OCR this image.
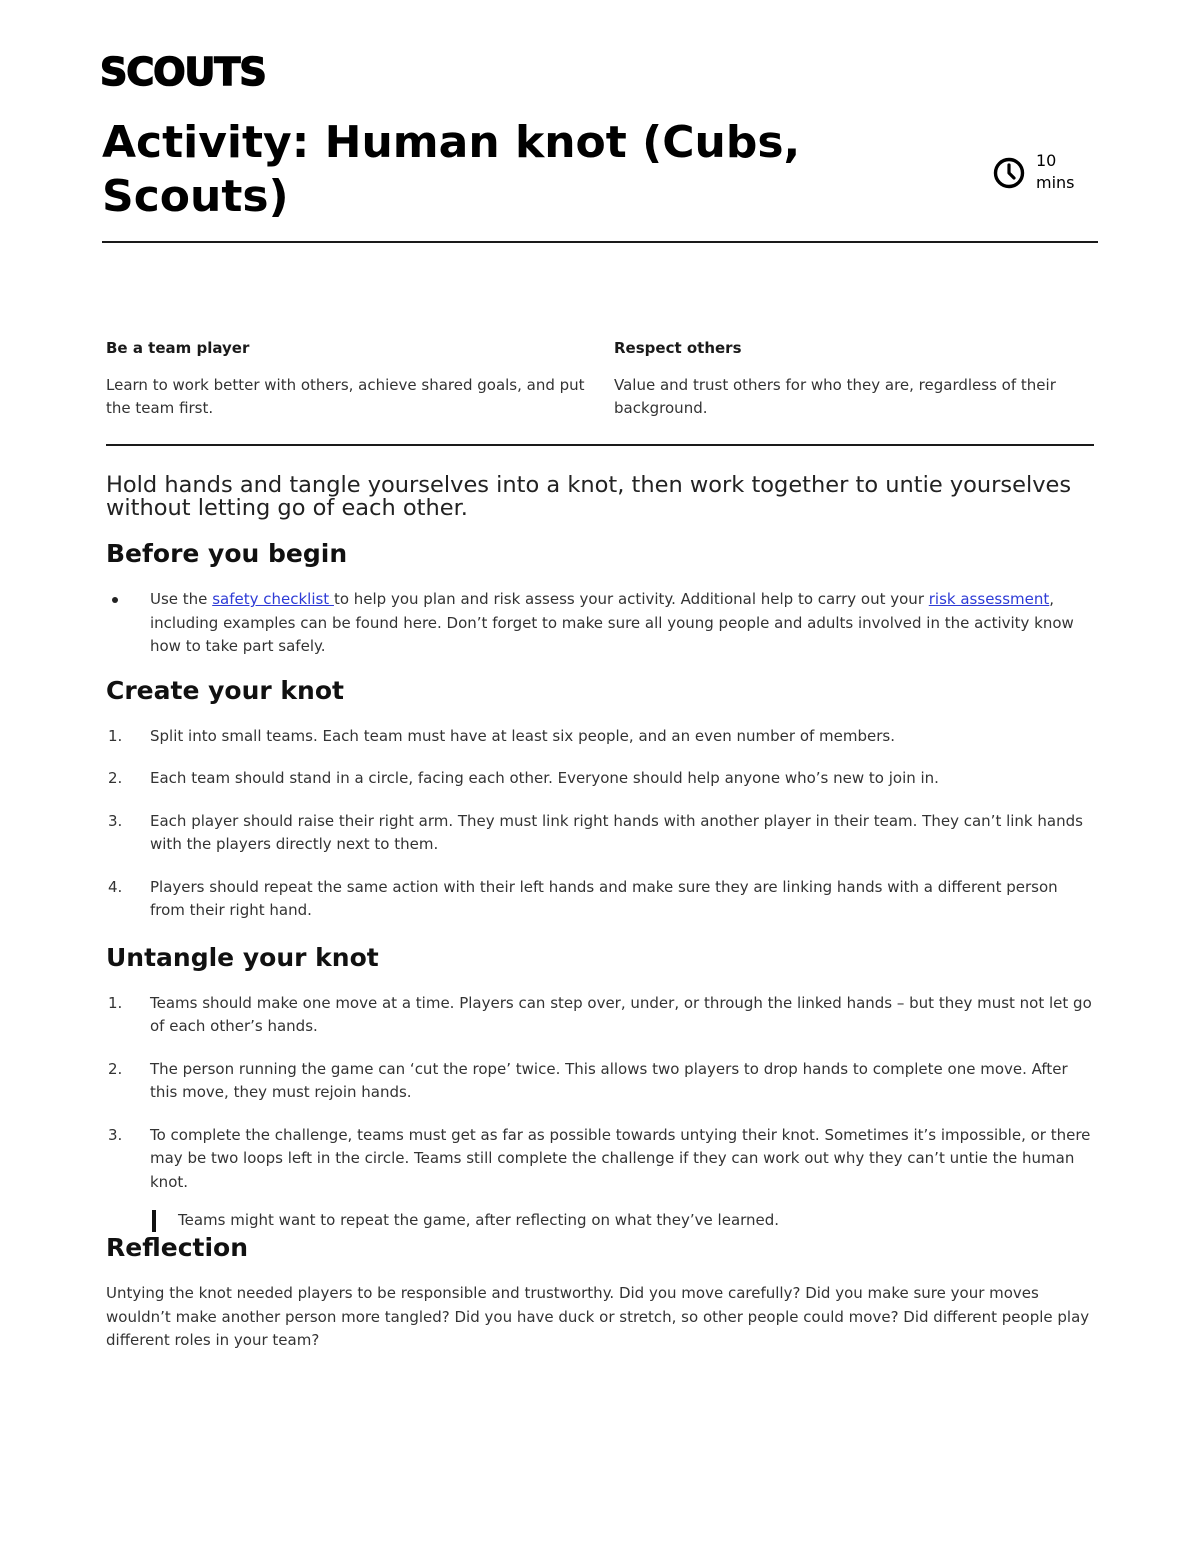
SCOUTS
Activity: Human knot (Cubs, Scouts)
10
mins
Be a team player

Learn to work better with others, achieve shared goals, and put the team first.

Respect others

Value and trust others for who they are, regardless of their background.

Hold hands and tangle yourselves into a knot, then work together to untie yourselves without letting go of each other.

Before you begin
Use the safety checklist to help you plan and risk assess your activity. Additional help to carry out your risk assessment, including examples can be found here. Don’t forget to make sure all young people and adults involved in the activity know how to take part safely.
Create your knot
1. Split into small teams. Each team must have at least six people, and an even number of members.
2. Each team should stand in a circle, facing each other. Everyone should help anyone who’s new to join in.
3. Each player should raise their right arm. They must link right hands with another player in their team. They can’t link hands with the players directly next to them.
4. Players should repeat the same action with their left hands and make sure they are linking hands with a different person from their right hand.
Untangle your knot
1. Teams should make one move at a time. Players can step over, under, or through the linked hands – but they must not let go of each other’s hands.
2. The person running the game can ‘cut the rope’ twice. This allows two players to drop hands to complete one move. After this move, they must rejoin hands.
3. To complete the challenge, teams must get as far as possible towards untying their knot. Sometimes it’s impossible, or there may be two loops left in the circle. Teams still complete the challenge if they can work out why they can’t untie the human knot.
Teams might want to repeat the game, after reflecting on what they’ve learned.
Reflection

Untying the knot needed players to be responsible and trustworthy. Did you move carefully? Did you make sure your moves wouldn’t make another person more tangled? Did you have duck or stretch, so other people could move? Did different people play different roles in your team?
